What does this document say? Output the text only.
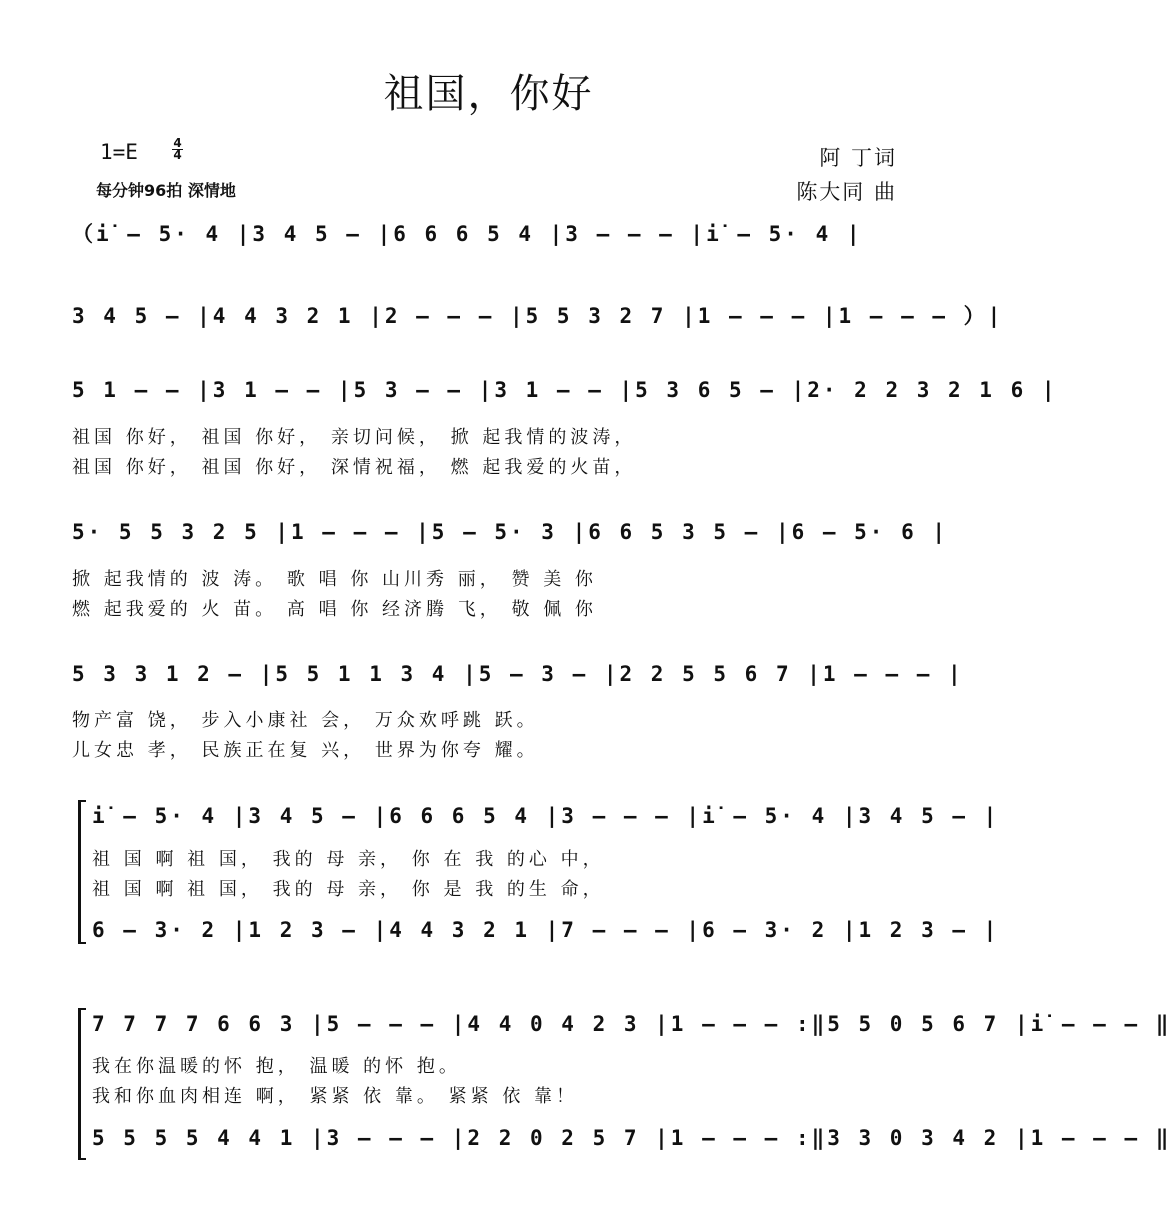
祖国，你好
1=E	4
4
每分钟96拍 深情地
阿 丁词
陈大同 曲
（i̇ – 5· 4 |3 4 5 – |6 6 6 5 4 |3 – – – |i̇ – 5· 4 |
3 4 5 – |4 4 3 2 1 |2 – – – |5 5 3 2 7 |1 – – – |1 – – – ）|
5 1 – – |3 1 – – |5 3 – – |3 1 – – |5 3 6 5 – |2· 2 2 3 2 1 6 |
祖国 你好， 祖国 你好， 亲切问候， 掀 起我情的波涛，
祖国 你好， 祖国 你好， 深情祝福， 燃 起我爱的火苗，
5· 5 5 3 2 5 |1 – – – |5 – 5· 3 |6 6 5 3 5 – |6 – 5· 6 |
掀 起我情的 波 涛。 歌 唱 你 山川秀 丽， 赞 美 你
燃 起我爱的 火 苗。 高 唱 你 经济腾 飞， 敬 佩 你
5 3 3 1 2 – |5 5 1 1 3 4 |5 – 3 – |2 2 5 5 6 7 |1 – – – |
物产富 饶， 步入小康社 会， 万众欢呼跳 跃。
儿女忠 孝， 民族正在复 兴， 世界为你夸 耀。
i̇ – 5· 4 |3 4 5 – |6 6 6 5 4 |3 – – – |i̇ – 5· 4 |3 4 5 – |
祖 国 啊 祖 国， 我的 母 亲， 你 在 我 的心 中，
祖 国 啊 祖 国， 我的 母 亲， 你 是 我 的生 命，
6 – 3· 2 |1 2 3 – |4 4 3 2 1 |7 – – – |6 – 3· 2 |1 2 3 – |
7 7 7 7 6 6 3 |5 – – – |4 4 0 4 2 3 |1 – – – :‖5 5 0 5 6 7 |i̇ – – – ‖
我在你温暖的怀 抱， 温暖 的怀 抱。
我和你血肉相连 啊， 紧紧 依 靠。 紧紧 依 靠！
5 5 5 5 4 4 1 |3 – – – |2 2 0 2 5 7 |1 – – – :‖3 3 0 3 4 2 |1 – – – ‖
